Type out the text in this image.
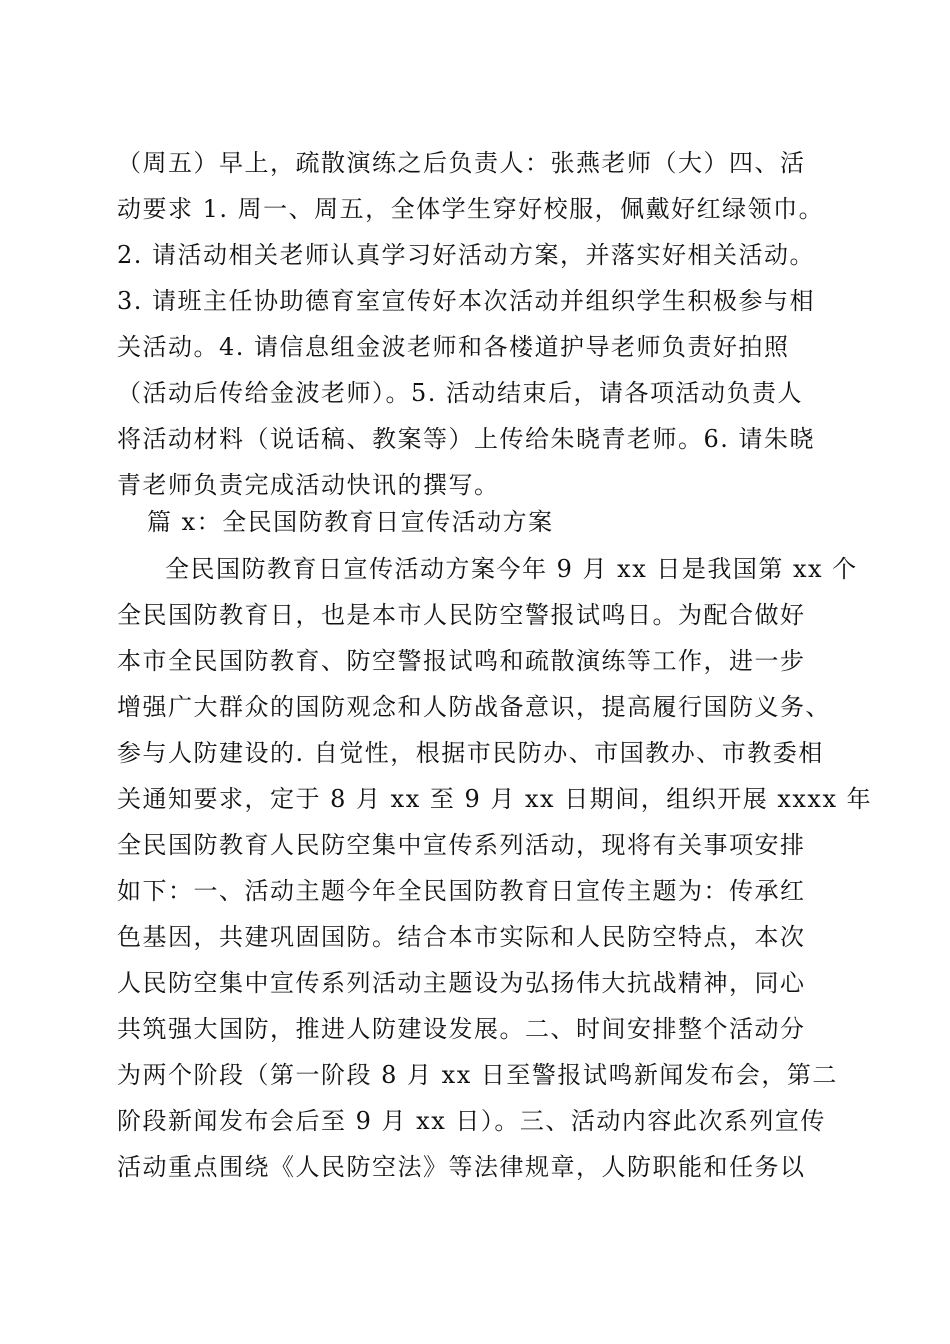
（周五）早上，疏散演练之后负责人：张燕老师（大）四、活
动要求 1. 周一、周五，全体学生穿好校服，佩戴好红绿领巾。
2. 请活动相关老师认真学习好活动方案，并落实好相关活动。
3. 请班主任协助德育室宣传好本次活动并组织学生积极参与相
关活动。4. 请信息组金波老师和各楼道护导老师负责好拍照
（活动后传给金波老师）。5. 活动结束后，请各项活动负责人
将活动材料（说话稿、教案等）上传给朱晓青老师。6. 请朱晓
青老师负责完成活动快讯的撰写。
篇 x：全民国防教育日宣传活动方案
全民国防教育日宣传活动方案今年 9 月 xx 日是我国第 xx 个
全民国防教育日，也是本市人民防空警报试鸣日。为配合做好
本市全民国防教育、防空警报试鸣和疏散演练等工作，进一步
增强广大群众的国防观念和人防战备意识，提高履行国防义务、
参与人防建设的. 自觉性，根据市民防办、市国教办、市教委相
关通知要求，定于 8 月 xx 至 9 月 xx 日期间，组织开展 xxxx 年
全民国防教育人民防空集中宣传系列活动，现将有关事项安排
如下：一、活动主题今年全民国防教育日宣传主题为：传承红
色基因，共建巩固国防。结合本市实际和人民防空特点，本次
人民防空集中宣传系列活动主题设为弘扬伟大抗战精神，同心
共筑强大国防，推进人防建设发展。二、时间安排整个活动分
为两个阶段（第一阶段 8 月 xx 日至警报试鸣新闻发布会，第二
阶段新闻发布会后至 9 月 xx 日）。三、活动内容此次系列宣传
活动重点围绕《人民防空法》等法律规章，人防职能和任务以
